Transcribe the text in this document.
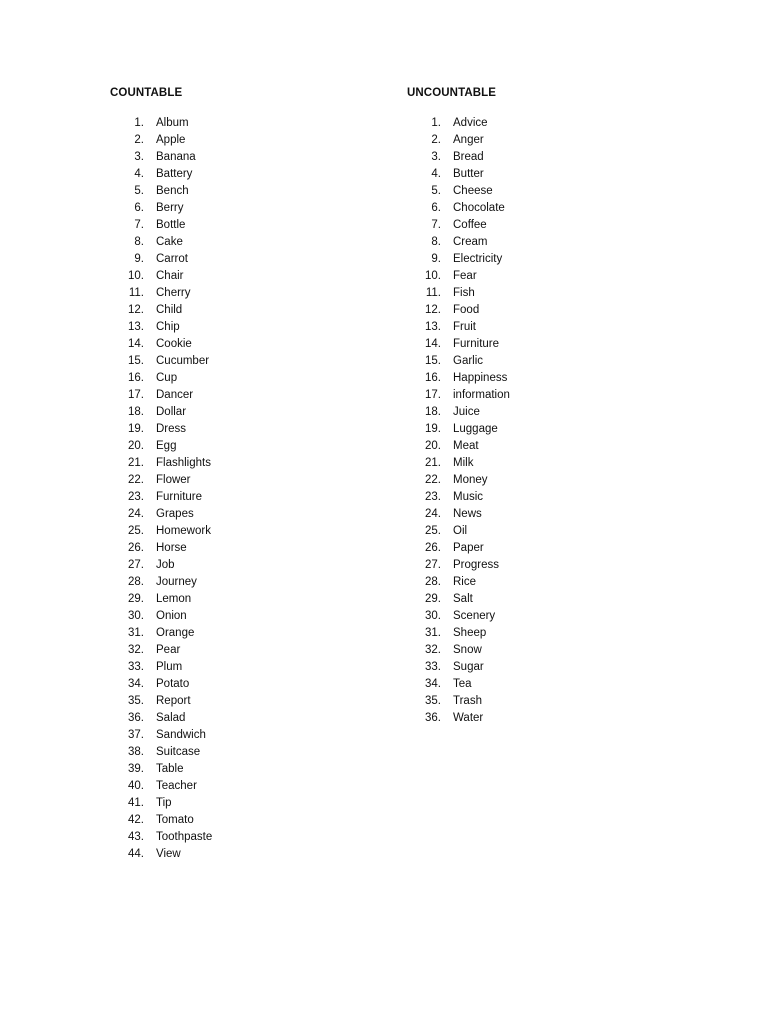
COUNTABLE
1. Album
2. Apple
3. Banana
4. Battery
5. Bench
6. Berry
7. Bottle
8. Cake
9. Carrot
10. Chair
11. Cherry
12. Child
13. Chip
14. Cookie
15. Cucumber
16. Cup
17. Dancer
18. Dollar
19. Dress
20. Egg
21. Flashlights
22. Flower
23. Furniture
24. Grapes
25. Homework
26. Horse
27. Job
28. Journey
29. Lemon
30. Onion
31. Orange
32. Pear
33. Plum
34. Potato
35. Report
36. Salad
37. Sandwich
38. Suitcase
39. Table
40. Teacher
41. Tip
42. Tomato
43. Toothpaste
44. View
UNCOUNTABLE
1. Advice
2. Anger
3. Bread
4. Butter
5. Cheese
6. Chocolate
7. Coffee
8. Cream
9. Electricity
10. Fear
11. Fish
12. Food
13. Fruit
14. Furniture
15. Garlic
16. Happiness
17. information
18. Juice
19. Luggage
20. Meat
21. Milk
22. Money
23. Music
24. News
25. Oil
26. Paper
27. Progress
28. Rice
29. Salt
30. Scenery
31. Sheep
32. Snow
33. Sugar
34. Tea
35. Trash
36. Water
